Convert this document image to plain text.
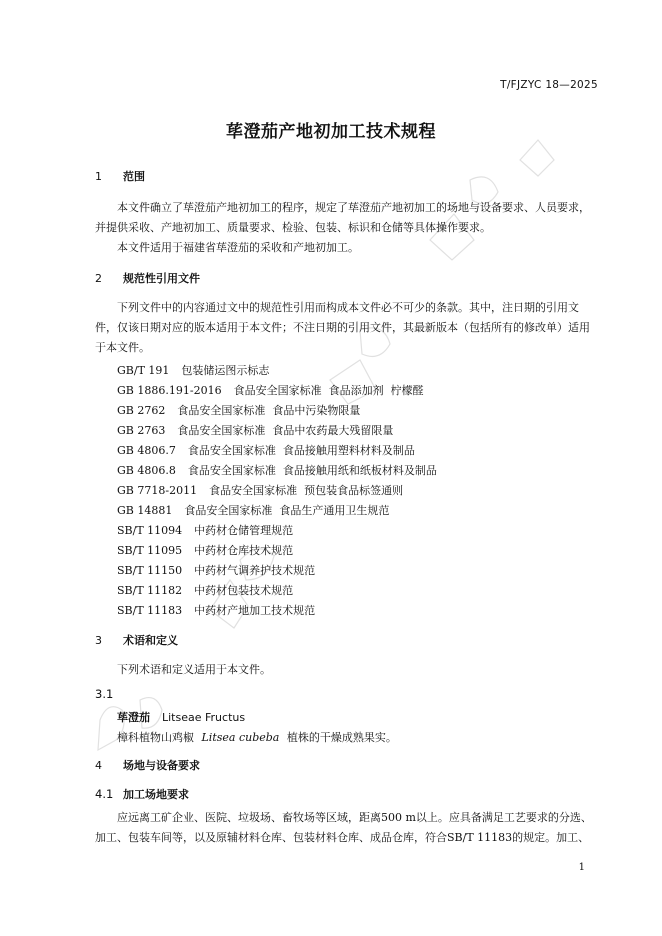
T/FJZYC 18—2025
荜澄茄产地初加工技术规程
1 范围
本文件确立了荜澄茄产地初加工的程序，规定了荜澄茄产地初加工的场地与设备要求、人员要求，并提供采收、产地初加工、质量要求、检验、包装、标识和仓储等具体操作要求。
本文件适用于福建省荜澄茄的采收和产地初加工。
2 规范性引用文件
下列文件中的内容通过文中的规范性引用而构成本文件必不可少的条款。其中，注日期的引用文件，仅该日期对应的版本适用于本文件；不注日期的引用文件，其最新版本（包括所有的修改单）适用于本文件。
GB/T 191 包装储运图示标志
GB 1886.191-2016 食品安全国家标准  食品添加剂  柠檬醛
GB 2762 食品安全国家标准  食品中污染物限量
GB 2763 食品安全国家标准  食品中农药最大残留限量
GB 4806.7 食品安全国家标准  食品接触用塑料材料及制品
GB 4806.8 食品安全国家标准  食品接触用纸和纸板材料及制品
GB 7718-2011 食品安全国家标准  预包装食品标签通则
GB 14881 食品安全国家标准  食品生产通用卫生规范
SB/T 11094 中药材仓储管理规范
SB/T 11095 中药材仓库技术规范
SB/T 11150 中药材气调养护技术规范
SB/T 11182 中药材包装技术规范
SB/T 11183 中药材产地加工技术规范
3 术语和定义
下列术语和定义适用于本文件。
3.1
荜澄茄 Litseae Fructus
樟科植物山鸡椒 Litsea cubeba 植株的干燥成熟果实。
4 场地与设备要求
4.1 加工场地要求
应远离工矿企业、医院、垃圾场、畜牧场等区域，距离500 m以上。应具备满足工艺要求的分选、加工、包装车间等，以及原辅材料仓库、包装材料仓库、成品仓库，符合SB/T 11183的规定。加工、
1
